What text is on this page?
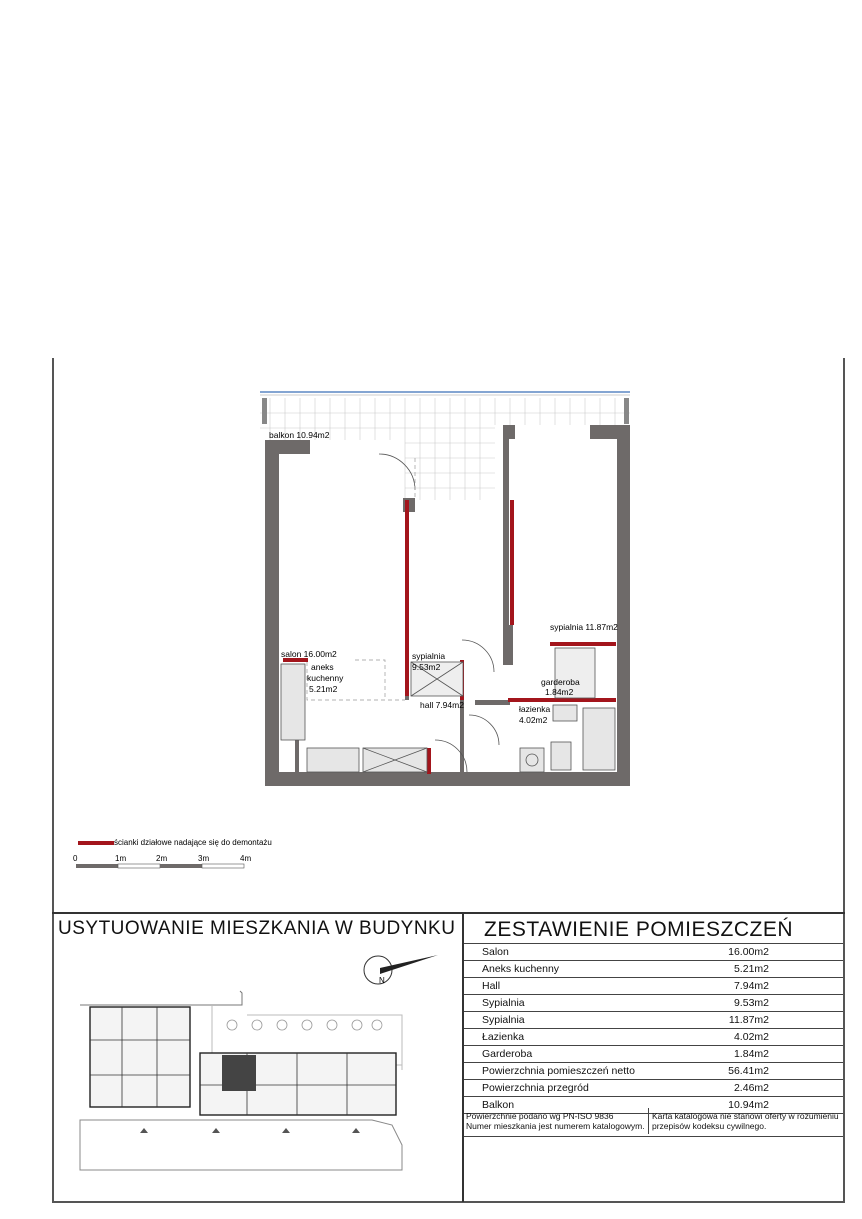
balkon 10.94m2
salon 16.00m2
aneks
kuchenny
5.21m2
sypialnia
9.53m2
sypialnia 11.87m2
garderoba
1.84m2
łazienka
4.02m2
hall 7.94m2
ścianki działowe nadające się do demontażu
0	1m	2m	3m	4m
USYTUOWANIE MIESZKANIA W BUDYNKU ZESTAWIENIE POMIESZCZEŃ
N
Salon	16.00m2
Aneks kuchenny	5.21m2
Hall	7.94m2
Sypialnia	9.53m2
Sypialnia	11.87m2
Łazienka	4.02m2
Garderoba	1.84m2
Powierzchnia pomieszczeń netto	56.41m2
Powierzchnia przegród	2.46m2
Balkon	10.94m2
Powierzchnie podano wg PN-ISO 9836
Numer mieszkania jest numerem katalogowym.
Karta katalogowa nie stanowi oferty w rozumieniu
przepisów kodeksu cywilnego.
